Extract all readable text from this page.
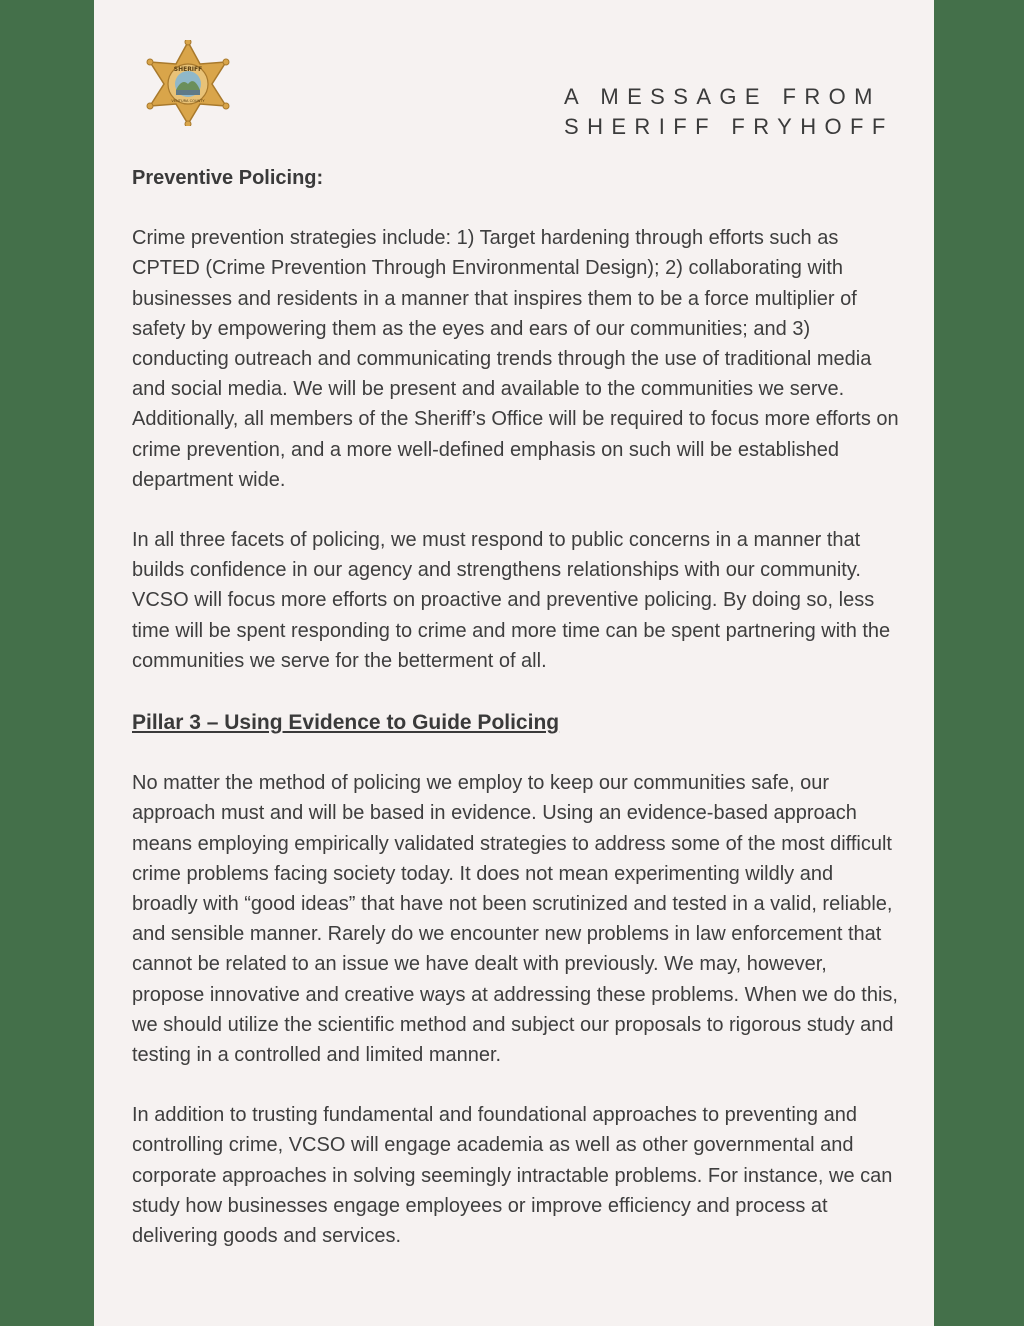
SHERIFF
VENTURA COUNTY	A MESSAGE FROM
SHERIFF FRYHOFF

Preventive Policing:

Crime prevention strategies include: 1) Target hardening through efforts such as CPTED (Crime Prevention Through Environmental Design); 2) collaborating with businesses and residents in a manner that inspires them to be a force multiplier of safety by empowering them as the eyes and ears of our communities; and 3) conducting outreach and communicating trends through the use of traditional media and social media. We will be present and available to the communities we serve. Additionally, all members of the Sheriff’s Office will be required to focus more efforts on crime prevention, and a more well-defined emphasis on such will be established department wide.

In all three facets of policing, we must respond to public concerns in a manner that builds confidence in our agency and strengthens relationships with our community. VCSO will focus more efforts on proactive and preventive policing. By doing so, less time will be spent responding to crime and more time can be spent partnering with the communities we serve for the betterment of all.

Pillar 3 – Using Evidence to Guide Policing

No matter the method of policing we employ to keep our communities safe, our approach must and will be based in evidence. Using an evidence-based approach means employing empirically validated strategies to address some of the most difficult crime problems facing society today. It does not mean experimenting wildly and broadly with “good ideas” that have not been scrutinized and tested in a valid, reliable, and sensible manner. Rarely do we encounter new problems in law enforcement that cannot be related to an issue we have dealt with previously. We may, however, propose innovative and creative ways at addressing these problems. When we do this, we should utilize the scientific method and subject our proposals to rigorous study and testing in a controlled and limited manner.

In addition to trusting fundamental and foundational approaches to preventing and controlling crime, VCSO will engage academia as well as other governmental and corporate approaches in solving seemingly intractable problems. For instance, we can study how businesses engage employees or improve efficiency and process at delivering goods and services.
